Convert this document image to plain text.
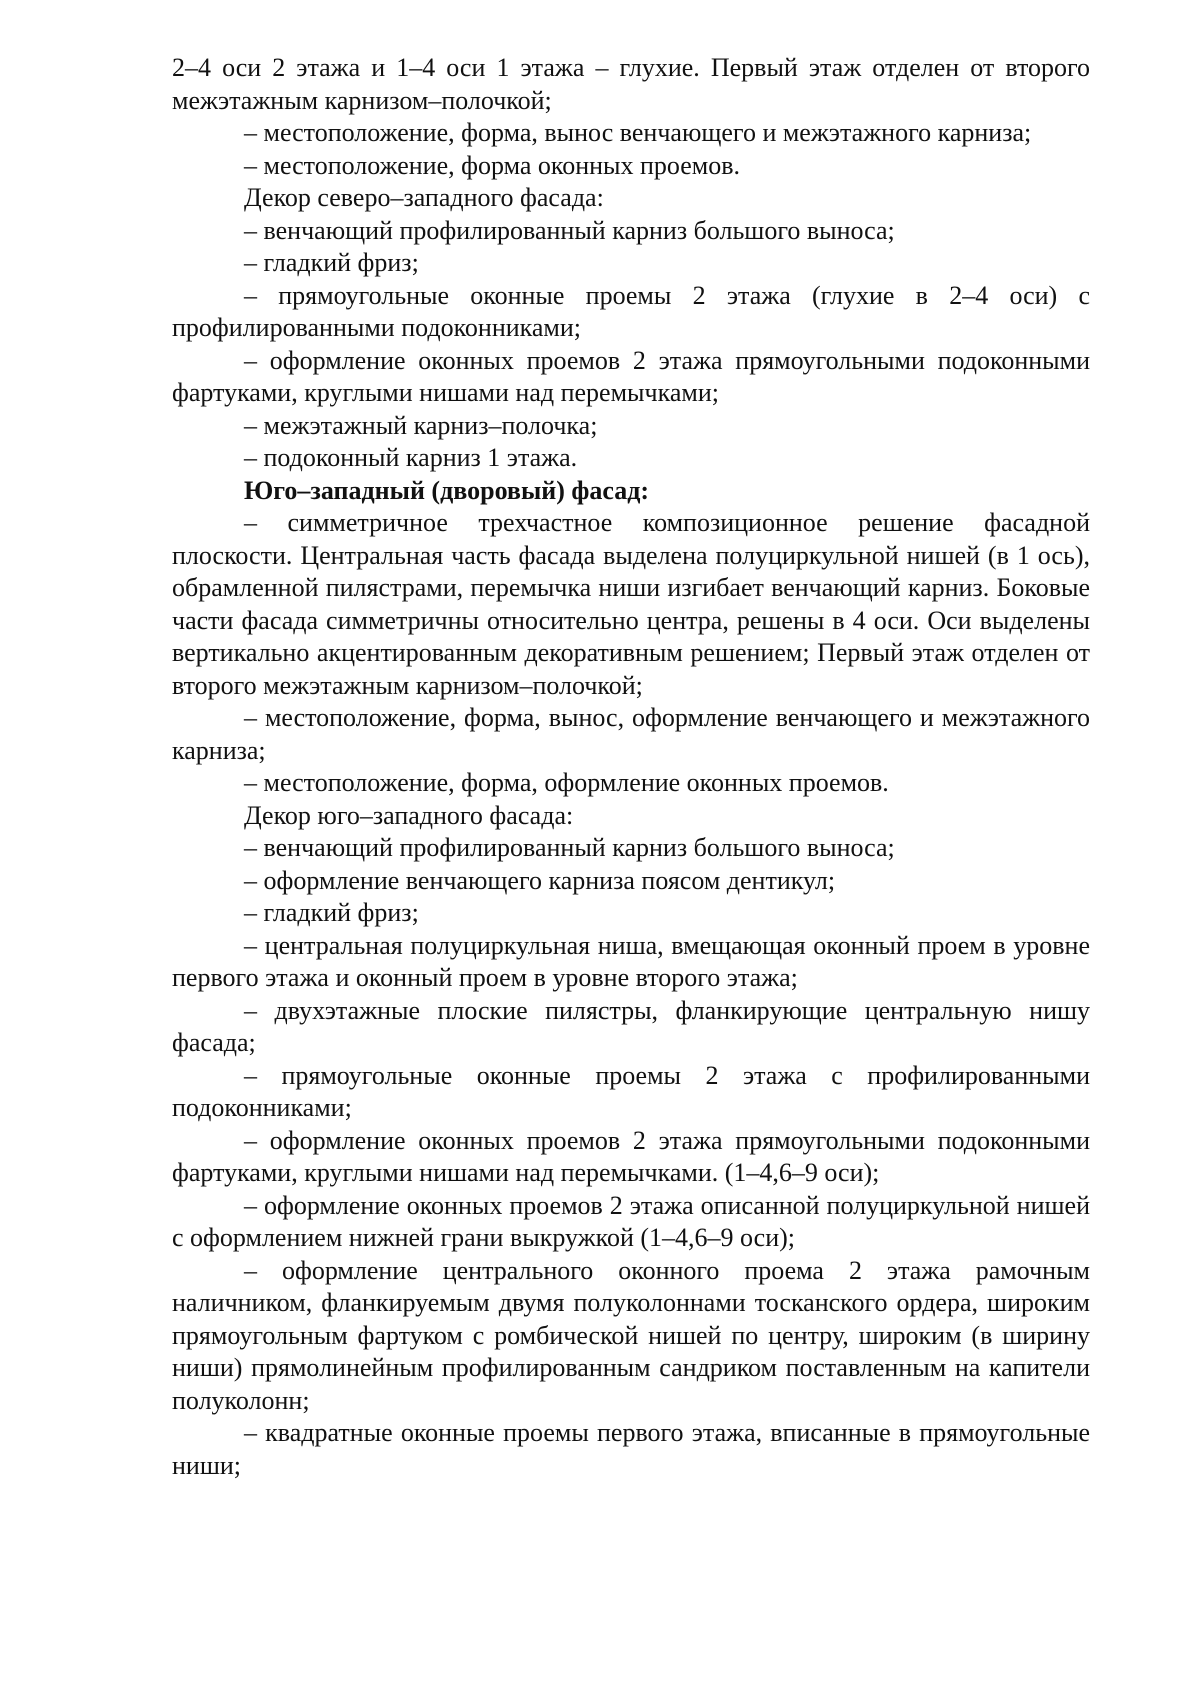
2–4 оси 2 этажа и 1–4 оси 1 этажа – глухие. Первый этаж отделен от второго межэтажным карнизом–полочкой;

– местоположение, форма, вынос венчающего и межэтажного карниза;

– местоположение, форма оконных проемов.

Декор северо–западного фасада:

– венчающий профилированный карниз большого выноса;

– гладкий фриз;

– прямоугольные оконные проемы 2 этажа (глухие в 2–4 оси) с профилированными подоконниками;

– оформление оконных проемов 2 этажа прямоугольными подоконными фартуками, круглыми нишами над перемычками;

– межэтажный карниз–полочка;

– подоконный карниз 1 этажа.

Юго–западный (дворовый) фасад:

– симметричное трехчастное композиционное решение фасадной плоскости. Центральная часть фасада выделена полуциркульной нишей (в 1 ось), обрамленной пилястрами, перемычка ниши изгибает венчающий карниз. Боковые части фасада симметричны относительно центра, решены в 4 оси. Оси выделены вертикально акцентированным декоративным решением; Первый этаж отделен от второго межэтажным карнизом–полочкой;

– местоположение, форма, вынос, оформление венчающего и межэтажного карниза;

– местоположение, форма, оформление оконных проемов.

Декор юго–западного фасада:

– венчающий профилированный карниз большого выноса;

– оформление венчающего карниза поясом дентикул;

– гладкий фриз;

– центральная полуциркульная ниша, вмещающая оконный проем в уровне первого этажа и оконный проем в уровне второго этажа;

– двухэтажные плоские пилястры, фланкирующие центральную нишу фасада;

– прямоугольные оконные проемы 2 этажа с профилированными подоконниками;

– оформление оконных проемов 2 этажа прямоугольными подоконными фартуками, круглыми нишами над перемычками. (1–4,6–9 оси);

– оформление оконных проемов 2 этажа описанной полуциркульной нишей с оформлением нижней грани выкружкой (1–4,6–9 оси);

– оформление центрального оконного проема 2 этажа рамочным наличником, фланкируемым двумя полуколоннами тосканского ордера, широким прямоугольным фартуком с ромбической нишей по центру, широким (в ширину ниши) прямолинейным профилированным сандриком поставленным на капители полуколонн;

– квадратные оконные проемы первого этажа, вписанные в прямоугольные ниши;
